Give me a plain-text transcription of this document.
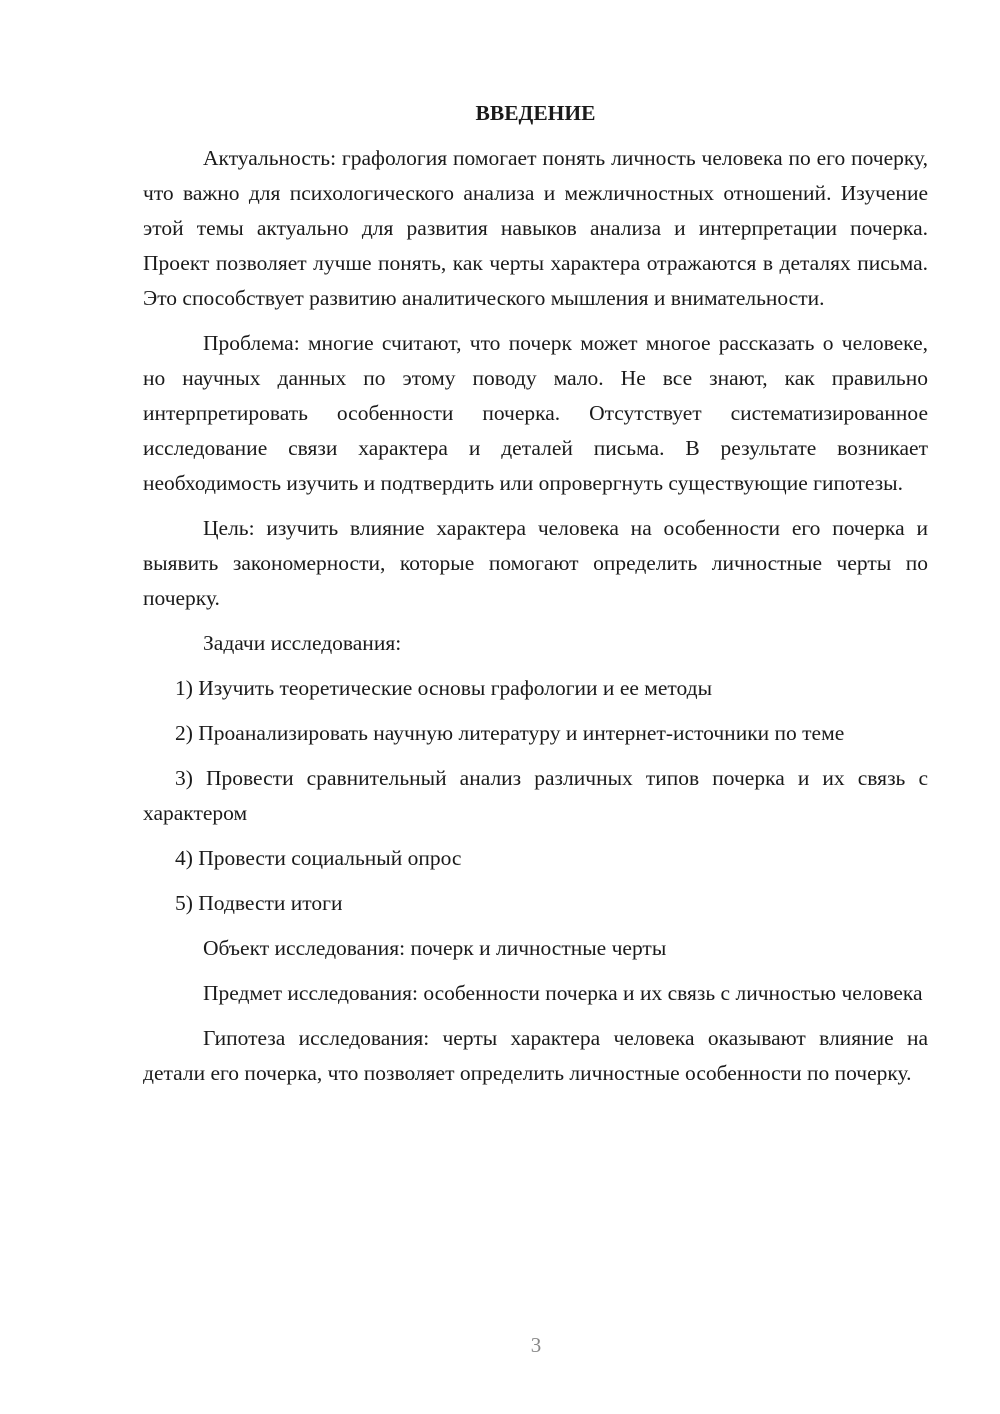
ВВЕДЕНИЕ

Актуальность: графология помогает понять личность человека по его почерку, что важно для психологического анализа и межличностных отношений. Изучение этой темы актуально для развития навыков анализа и интерпретации почерка. Проект позволяет лучше понять, как черты характера отражаются в деталях письма. Это способствует развитию аналитического мышления и внимательности.

Проблема: многие считают, что почерк может многое рассказать о человеке, но научных данных по этому поводу мало. Не все знают, как правильно интерпретировать особенности почерка. Отсутствует систематизированное исследование связи характера и деталей письма. В результате возникает необходимость изучить и подтвердить или опровергнуть существующие гипотезы.

Цель: изучить влияние характера человека на особенности его почерка и выявить закономерности, которые помогают определить личностные черты по почерку.

Задачи исследования:

1) Изучить теоретические основы графологии и ее методы

2) Проанализировать научную литературу и интернет-источники по теме

3) Провести сравнительный анализ различных типов почерка и их связь с характером

4) Провести социальный опрос

5) Подвести итоги

Объект исследования: почерк и личностные черты

Предмет исследования: особенности почерка и их связь с личностью человека

Гипотеза исследования: черты характера человека оказывают влияние на детали его почерка, что позволяет определить личностные особенности по почерку.

3
